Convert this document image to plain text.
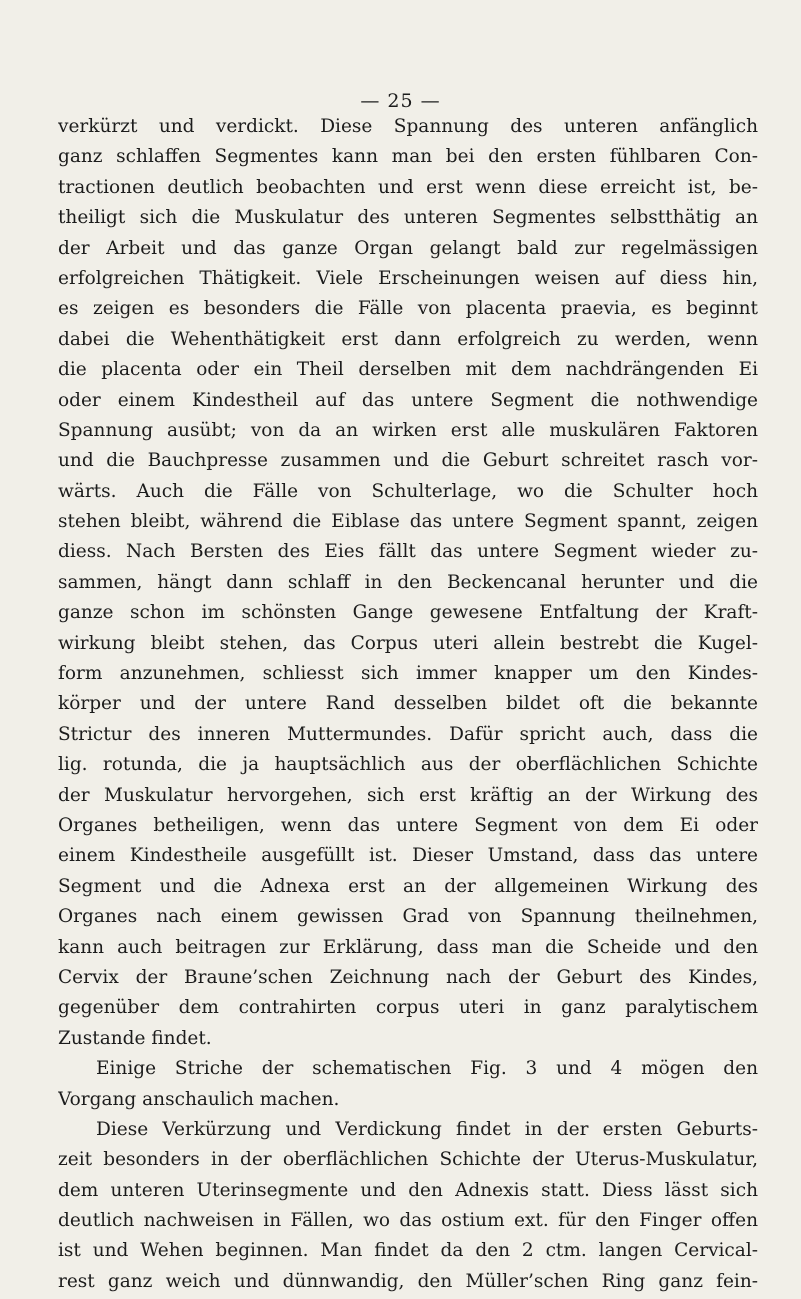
— 25 —
verkürzt und verdickt. Diese Spannung des unteren anfänglich
ganz schlaffen Segmentes kann man bei den ersten fühlbaren Con-
tractionen deutlich beobachten und erst wenn diese erreicht ist, be-
theiligt sich die Muskulatur des unteren Segmentes selbstthätig an
der Arbeit und das ganze Organ gelangt bald zur regelmässigen
erfolgreichen Thätigkeit. Viele Erscheinungen weisen auf diess hin,
es zeigen es besonders die Fälle von placenta praevia, es beginnt
dabei die Wehenthätigkeit erst dann erfolgreich zu werden, wenn
die placenta oder ein Theil derselben mit dem nachdrängenden Ei
oder einem Kindestheil auf das untere Segment die nothwendige
Spannung ausübt; von da an wirken erst alle muskulären Faktoren
und die Bauchpresse zusammen und die Geburt schreitet rasch vor-
wärts. Auch die Fälle von Schulterlage, wo die Schulter hoch
stehen bleibt, während die Eiblase das untere Segment spannt, zeigen
diess. Nach Bersten des Eies fällt das untere Segment wieder zu-
sammen, hängt dann schlaff in den Beckencanal herunter und die
ganze schon im schönsten Gange gewesene Entfaltung der Kraft-
wirkung bleibt stehen, das Corpus uteri allein bestrebt die Kugel-
form anzunehmen, schliesst sich immer knapper um den Kindes-
körper und der untere Rand desselben bildet oft die bekannte
Strictur des inneren Muttermundes. Dafür spricht auch, dass die
lig. rotunda, die ja hauptsächlich aus der oberflächlichen Schichte
der Muskulatur hervorgehen, sich erst kräftig an der Wirkung des
Organes betheiligen, wenn das untere Segment von dem Ei oder
einem Kindestheile ausgefüllt ist. Dieser Umstand, dass das untere
Segment und die Adnexa erst an der allgemeinen Wirkung des
Organes nach einem gewissen Grad von Spannung theilnehmen,
kann auch beitragen zur Erklärung, dass man die Scheide und den
Cervix der Braune’schen Zeichnung nach der Geburt des Kindes,
gegenüber dem contrahirten corpus uteri in ganz paralytischem
Zustande findet.
Einige Striche der schematischen Fig. 3 und 4 mögen den
Vorgang anschaulich machen.
Diese Verkürzung und Verdickung findet in der ersten Geburts-
zeit besonders in der oberflächlichen Schichte der Uterus-Muskulatur,
dem unteren Uterinsegmente und den Adnexis statt. Diess lässt sich
deutlich nachweisen in Fällen, wo das ostium ext. für den Finger offen
ist und Wehen beginnen. Man findet da den 2 ctm. langen Cervical-
rest ganz weich und dünnwandig, den Müller’schen Ring ganz fein-
